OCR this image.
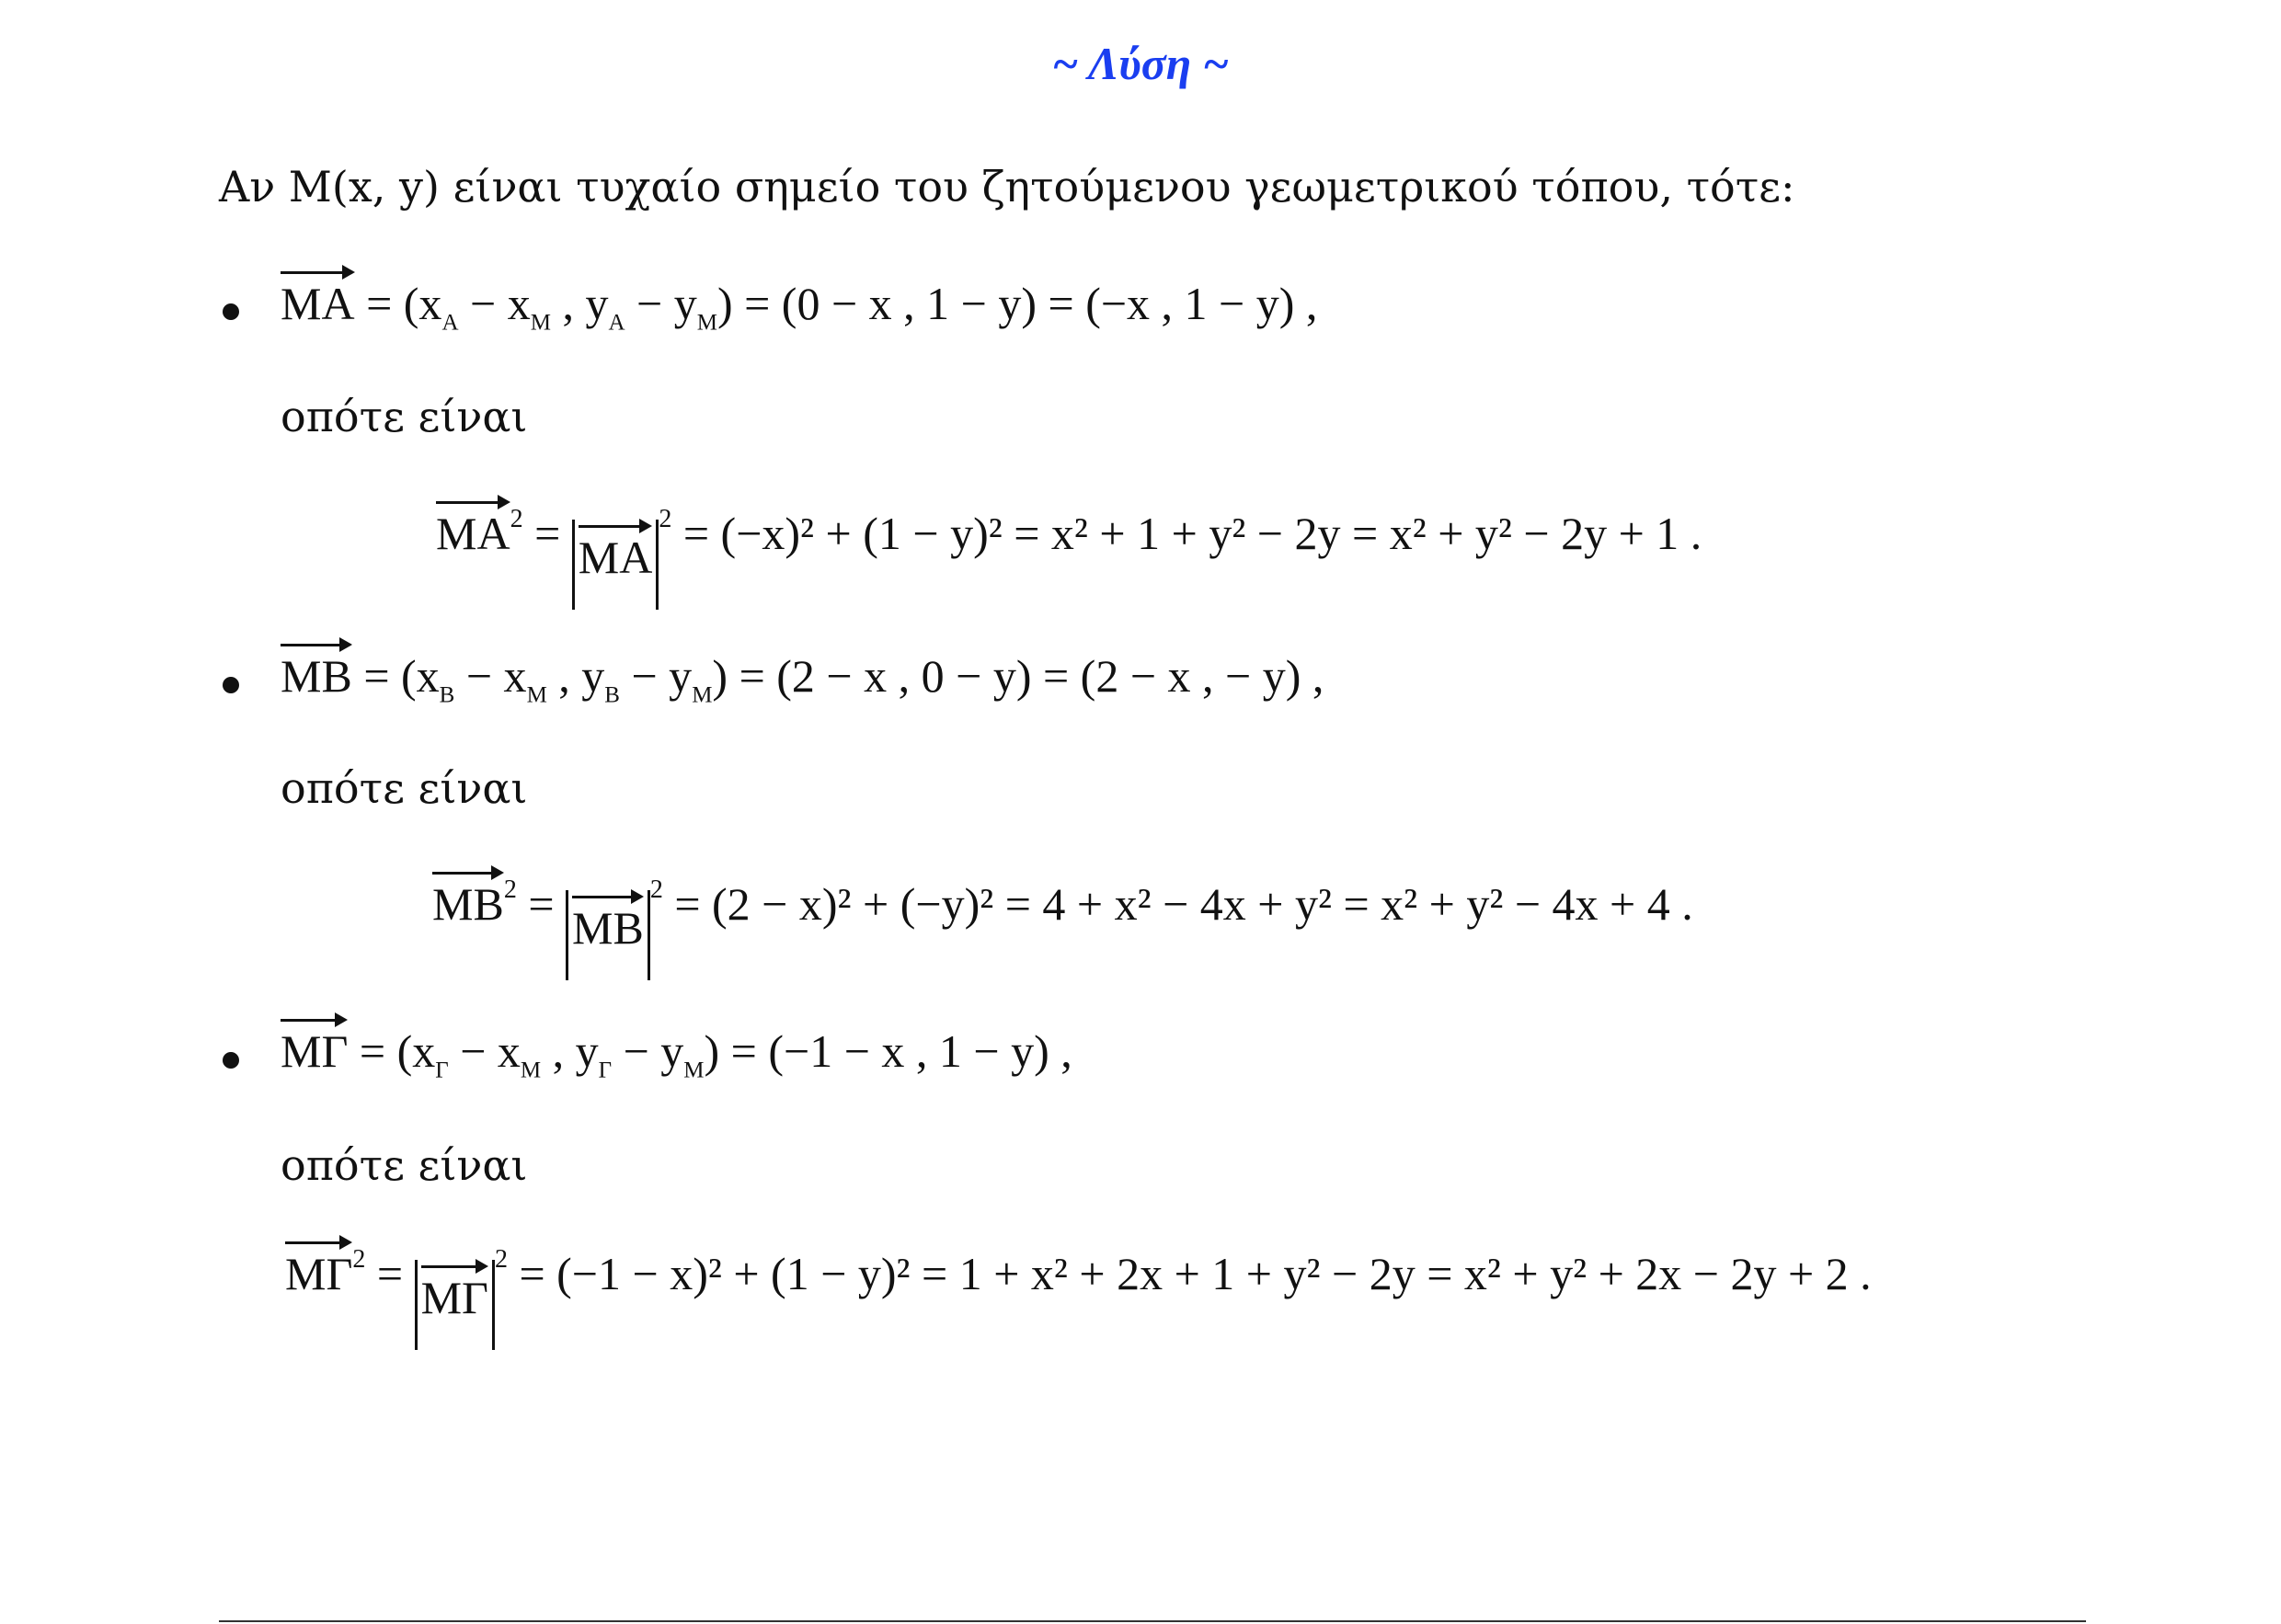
~ Λύση ~
Αν M(x, y) είναι τυχαίο σημείο του ζητούμενου γεωμετρικού τόπου, τότε:
MA = ($x_A - x_M$ , $y_A - y_M) = (0 - x$ , 1 − y) = (−x , 1 − y) ,
οπότε είναι
$MA^2 = MA^2 = (-x)^2 + (1 - y)^2 = x^2 + 1 + y^2 - 2y = x^2 + y^2 - 2y + 1$ .
MB = ($x_B - x_M$ , $y_B - y_M) = (2 - x$ , 0 − y) = (2 − x , − y) ,
οπότε είναι
$MB^2 = MB^2 = (2 - x)^2 + (-y)^2 = 4 + x^2 - 4x + y^2 = x^2 + y^2 - 4x + 4$ .
$M\Gamma = (x_\Gamma - x_M$ , $y_\Gamma - y_M) = (-1 - x$ , 1 − y) ,
οπότε είναι
$M\Gamma^2 = M\Gamma^2 = (-1 - x)^2 + (1 - y)^2 = 1 + x^2 + 2x + 1 + y^2 - 2y = x^2 + y^2 + 2x - 2y + 2$ .
